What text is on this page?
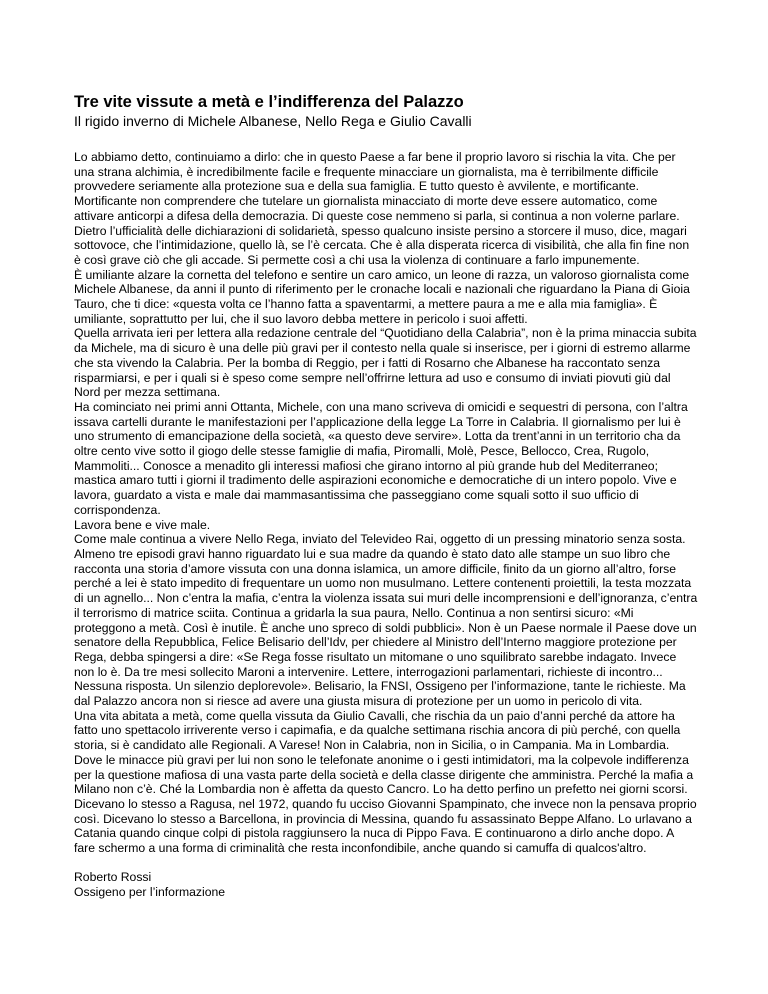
Tre vite vissute a metà e l’indifferenza del Palazzo
Il rigido inverno di Michele Albanese, Nello Rega e Giulio Cavalli

Lo abbiamo detto, continuiamo a dirlo: che in questo Paese a far bene il proprio lavoro si rischia la vita. Che per una strana alchimia, è incredibilmente facile e frequente minacciare un giornalista, ma è terribilmente difficile provvedere seriamente alla protezione sua e della sua famiglia. E tutto questo è avvilente, e mortificante. Mortificante non comprendere che tutelare un giornalista minacciato di morte deve essere automatico, come attivare anticorpi a difesa della democrazia. Di queste cose nemmeno si parla, si continua a non volerne parlare. Dietro l’ufficialità delle dichiarazioni di solidarietà, spesso qualcuno insiste persino a storcere il muso, dice, magari sottovoce, che l’intimidazione, quello là, se l’è cercata. Che è alla disperata ricerca di visibilità, che alla fin fine non è così grave ciò che gli accade. Si permette così a chi usa la violenza di continuare a farlo impunemente.

È umiliante alzare la cornetta del telefono e sentire un caro amico, un leone di razza, un valoroso giornalista come Michele Albanese, da anni il punto di riferimento per le cronache locali e nazionali che riguardano la Piana di Gioia Tauro, che ti dice: «questa volta ce l’hanno fatta a spaventarmi, a mettere paura a me e alla mia famiglia». È umiliante, soprattutto per lui, che il suo lavoro debba mettere in pericolo i suoi affetti.

Quella arrivata ieri per lettera alla redazione centrale del “Quotidiano della Calabria”, non è la prima minaccia subita da Michele, ma di sicuro è una delle più gravi per il contesto nella quale si inserisce, per i giorni di estremo allarme che sta vivendo la Calabria. Per la bomba di Reggio, per i fatti di Rosarno che Albanese ha raccontato senza risparmiarsi, e per i quali si è speso come sempre nell’offrirne lettura ad uso e consumo di inviati piovuti giù dal Nord per mezza settimana.

Ha cominciato nei primi anni Ottanta, Michele, con una mano scriveva di omicidi e sequestri di persona, con l’altra issava cartelli durante le manifestazioni per l’applicazione della legge La Torre in Calabria. Il giornalismo per lui è uno strumento di emancipazione della società, «a questo deve servire». Lotta da trent’anni in un territorio cha da oltre cento vive sotto il giogo delle stesse famiglie di mafia, Piromalli, Molè, Pesce, Bellocco, Crea, Rugolo, Mammoliti... Conosce a menadito gli interessi mafiosi che girano intorno al più grande hub del Mediterraneo; mastica amaro tutti i giorni il tradimento delle aspirazioni economiche e democratiche di un intero popolo. Vive e lavora, guardato a vista e male dai mammasantissima che passeggiano come squali sotto il suo ufficio di corrispondenza.

Lavora bene e vive male.

Come male continua a vivere Nello Rega, inviato del Televideo Rai, oggetto di un pressing minatorio senza sosta. Almeno tre episodi gravi hanno riguardato lui e sua madre da quando è stato dato alle stampe un suo libro che racconta una storia d’amore vissuta con una donna islamica, un amore difficile, finito da un giorno all’altro, forse perché a lei è stato impedito di frequentare un uomo non musulmano. Lettere contenenti proiettili, la testa mozzata di un agnello... Non c’entra la mafia, c’entra la violenza issata sui muri delle incomprensioni e dell’ignoranza, c’entra il terrorismo di matrice sciita. Continua a gridarla la sua paura, Nello. Continua a non sentirsi sicuro: «Mi proteggono a metà. Così è inutile. È anche uno spreco di soldi pubblici». Non è un Paese normale il Paese dove un senatore della Repubblica, Felice Belisario dell’Idv, per chiedere al Ministro dell’Interno maggiore protezione per Rega, debba spingersi a dire: «Se Rega fosse risultato un mitomane o uno squilibrato sarebbe indagato. Invece non lo è. Da tre mesi sollecito Maroni a intervenire. Lettere, interrogazioni parlamentari, richieste di incontro... Nessuna risposta. Un silenzio deplorevole». Belisario, la FNSI, Ossigeno per l’informazione, tante le richieste. Ma dal Palazzo ancora non si riesce ad avere una giusta misura di protezione per un uomo in pericolo di vita.

Una vita abitata a metà, come quella vissuta da Giulio Cavalli, che rischia da un paio d’anni perché da attore ha fatto uno spettacolo irriverente verso i capimafia, e da qualche settimana rischia ancora di più perché, con quella storia, si è candidato alle Regionali. A Varese! Non in Calabria, non in Sicilia, o in Campania. Ma in Lombardia. Dove le minacce più gravi per lui non sono le telefonate anonime o i gesti intimidatori, ma la colpevole indifferenza per la questione mafiosa di una vasta parte della società e della classe dirigente che amministra. Perché la mafia a Milano non c’è. Ché la Lombardia non è affetta da questo Cancro. Lo ha detto perfino un prefetto nei giorni scorsi. Dicevano lo stesso a Ragusa, nel 1972, quando fu ucciso Giovanni Spampinato, che invece non la pensava proprio così. Dicevano lo stesso a Barcellona, in provincia di Messina, quando fu assassinato Beppe Alfano. Lo urlavano a Catania quando cinque colpi di pistola raggiunsero la nuca di Pippo Fava. E continuarono a dirlo anche dopo. A fare schermo a una forma di criminalità che resta inconfondibile, anche quando si camuffa di qualcos'altro.

Roberto Rossi
Ossigeno per l’informazione
